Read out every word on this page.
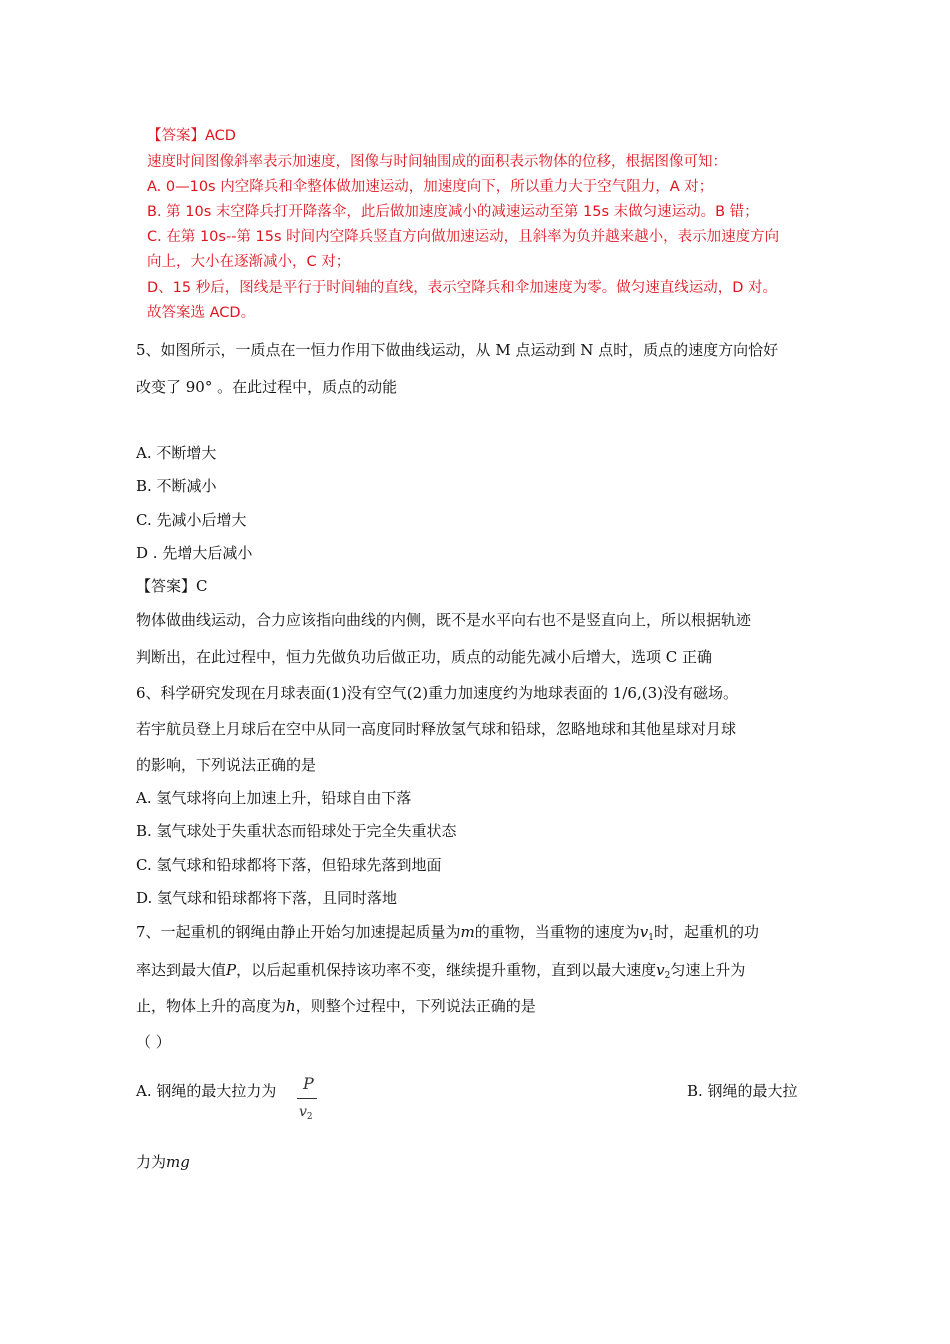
【答案】ACD
速度时间图像斜率表示加速度，图像与时间轴围成的面积表示物体的位移，根据图像可知：
A. 0—10s 内空降兵和伞整体做加速运动，加速度向下，所以重力大于空气阻力，A 对；
B. 第 10s 末空降兵打开降落伞，此后做加速度减小的减速运动至第 15s 末做匀速运动。B 错；
C. 在第 10s--第 15s 时间内空降兵竖直方向做加速运动，且斜率为负并越来越小，表示加速度方向
向上，大小在逐渐减小，C 对；
D、15 秒后，图线是平行于时间轴的直线，表示空降兵和伞加速度为零。做匀速直线运动，D 对。
故答案选 ACD。
5、如图所示，一质点在一恒力作用下做曲线运动，从 M 点运动到 N 点时，质点的速度方向恰好
改变了 90° 。在此过程中，质点的动能
A. 不断增大
B. 不断减小
C. 先减小后增大
D . 先增大后减小
【答案】C
物体做曲线运动，合力应该指向曲线的内侧，既不是水平向右也不是竖直向上，所以根据轨迹
判断出，在此过程中，恒力先做负功后做正功，质点的动能先减小后增大，选项 C 正确
6、科学研究发现在月球表面(1)没有空气(2)重力加速度约为地球表面的 1/6,(3)没有磁场。
若宇航员登上月球后在空中从同一高度同时释放氢气球和铅球，忽略地球和其他星球对月球
的影响，下列说法正确的是
A. 氢气球将向上加速上升，铅球自由下落
B. 氢气球处于失重状态而铅球处于完全失重状态
C. 氢气球和铅球都将下落，但铅球先落到地面
D. 氢气球和铅球都将下落，且同时落地
7、一起重机的钢绳由静止开始匀加速提起质量为m的重物，当重物的速度为$v_1$时，起重机的功
率达到最大值P，以后起重机保持该功率不变，继续提升重物，直到以最大速度$v_2$匀速上升为
止，物体上升的高度为h，则整个过程中，下列说法正确的是
（ ）
A. 钢绳的最大拉力为 P
$v_2$
B. 钢绳的最大拉
力为mg
